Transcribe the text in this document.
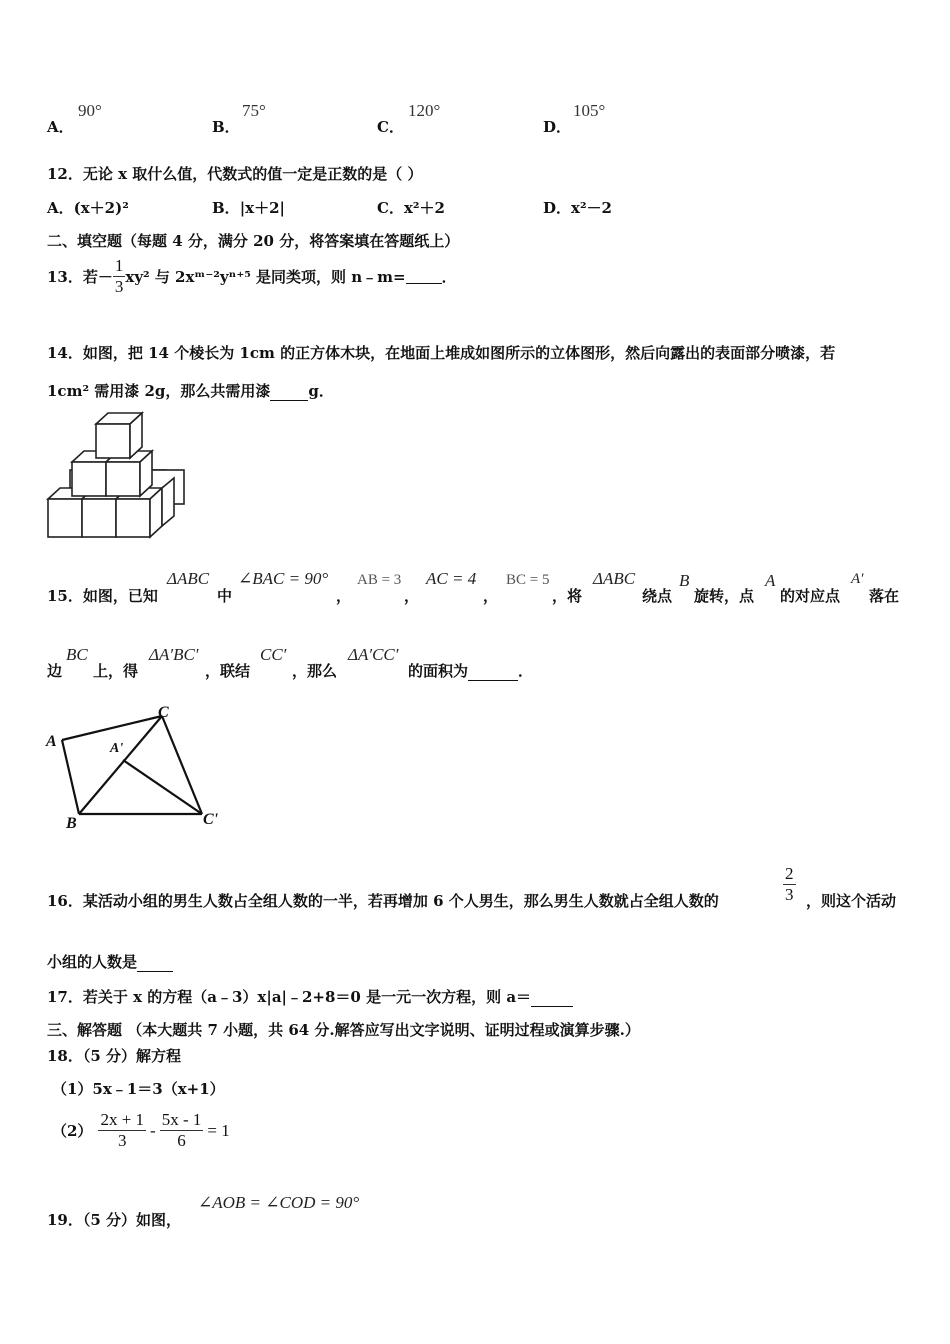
A．
90°
B．
75°
C．
120°
D．
105°
12．无论 x 取什么值，代数式的值一定是正数的是（ ）
A．(x＋2)²	B．|x＋2|	C．x²＋2	D．x²－2
二、填空题（每题 4 分，满分 20 分，将答案填在答题纸上）
13．若－ $\frac{1}{3} xy^2$ 与 2xᵐ⁻²yⁿ⁺⁵ 是同类项，则 n﹣m= ．
14．如图，把 14 个棱长为 1cm 的正方体木块，在地面上堆成如图所示的立体图形，然后向露出的表面部分喷漆，若
1cm² 需用漆 2g，那么共需用漆	g．
15．如图，已知
ΔABC
中
∠BAC = 90°
，
AB = 3
，
AC = 4
，
BC = 5
，将
ΔABC
绕点
B
旋转，点
A
的对应点
A′
落在
边
BC
上，得
ΔA′BC′
，联结
CC′
，那么
ΔA′CC′
的面积为	．
A
B
C
A'
C'
16．某活动小组的男生人数占全组人数的一半，若再增加 6 个人男生，那么男生人数就占全组人数的	$\frac{2}{3}$ ，则这个活动
小组的人数是
17．若关于 x 的方程（a﹣3）x|a|﹣2+8＝0 是一元一次方程，则 a＝
三、解答题 （本大题共 7 小题，共 64 分.解答应写出文字说明、证明过程或演算步骤.）
18．（5 分）解方程
（1）5x﹣1＝3（x+1）
$(2) \frac{2x + 1}{3} - \frac{5x - 1}{6} = 1$
19．（5 分）如图，
∠AOB = ∠COD = 90°
